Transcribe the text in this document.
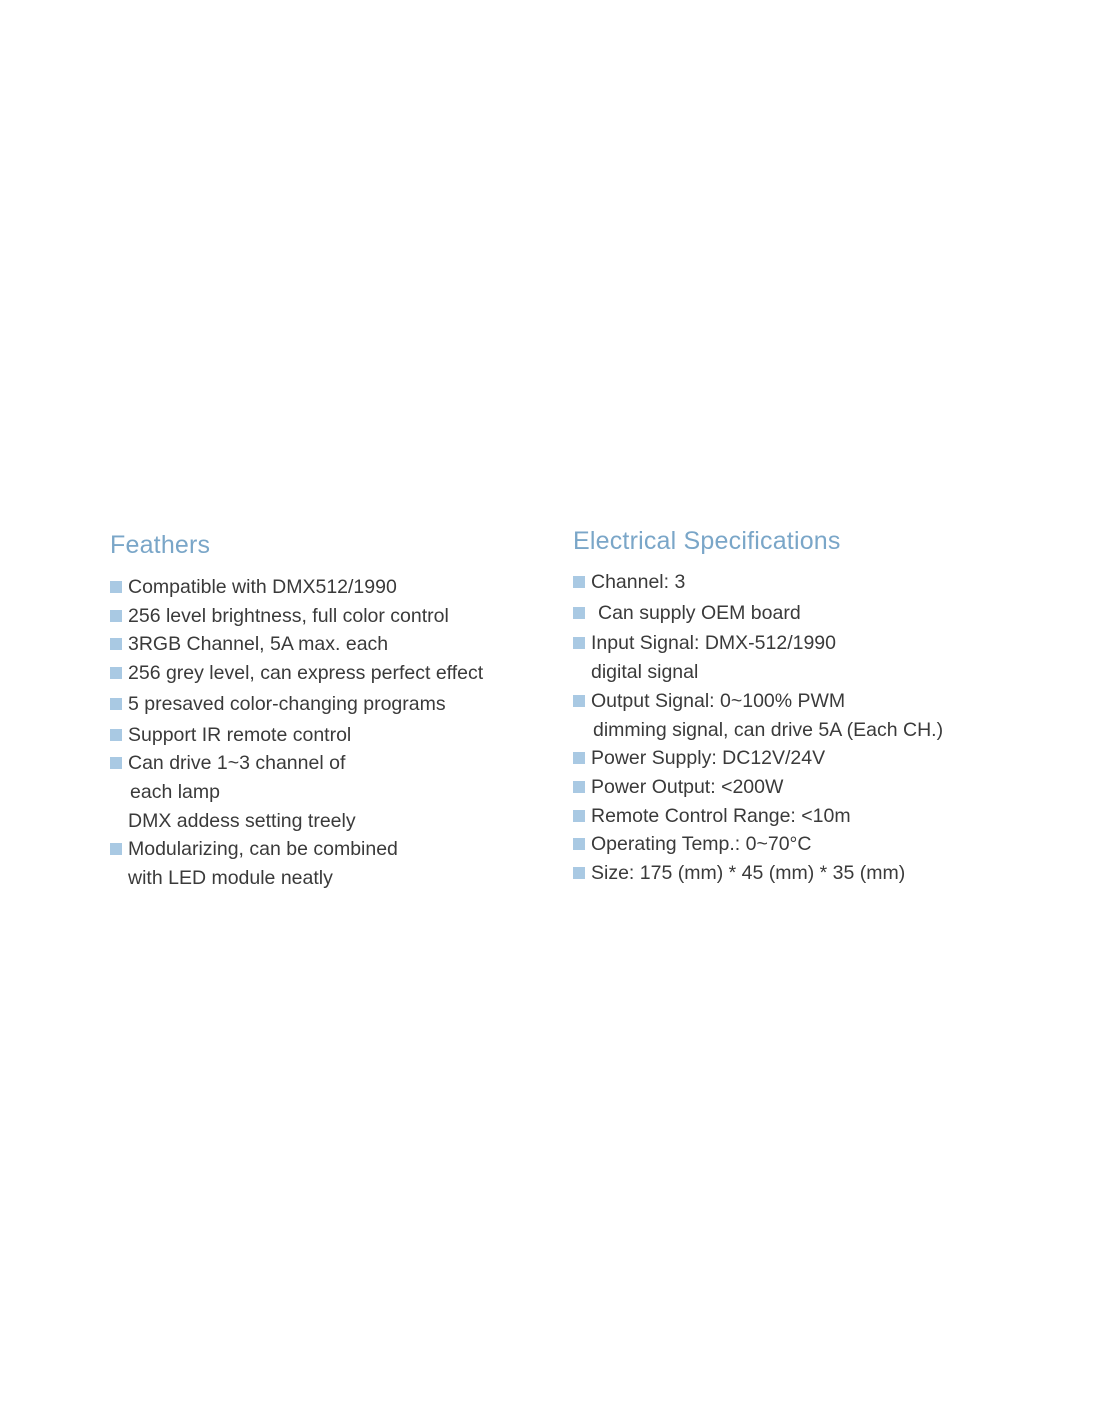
Feathers
Compatible with DMX512/1990
256 level brightness, full color control
3RGB Channel, 5A max. each
256 grey level, can express perfect effect
5 presaved color-changing programs
Support IR remote control
Can drive 1~3 channel of
each lamp
DMX addess setting treely
Modularizing, can be combined
with LED module neatly
Electrical Specifications
Channel: 3
Can supply OEM board
Input Signal: DMX-512/1990
digital signal
Output Signal: 0~100% PWM
dimming signal, can drive 5A (Each CH.)
Power Supply: DC12V/24V
Power Output: <200W
Remote Control Range: <10m
Operating Temp.: 0~70°C
Size: 175 (mm) * 45 (mm) * 35 (mm)
